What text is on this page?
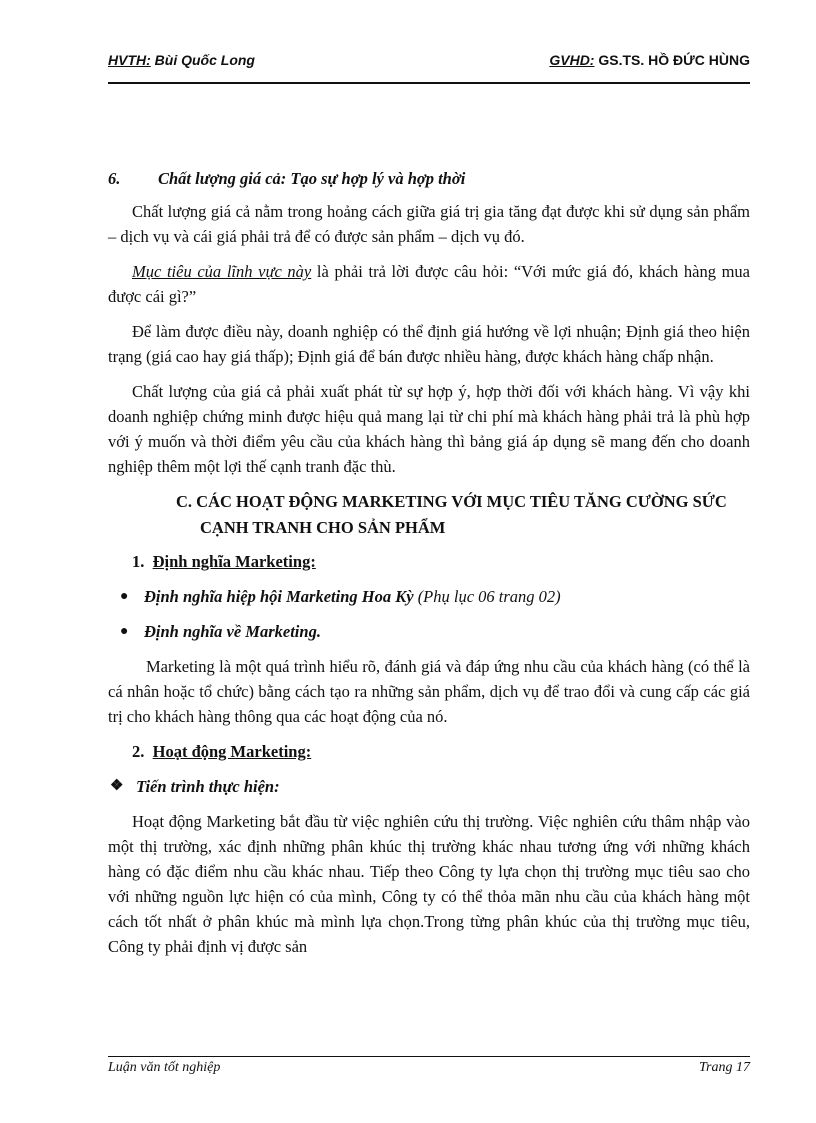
HVTH: Bùi Quốc Long	GVHD: GS.TS. HỒ ĐỨC HÙNG
6. Chất lượng giá cả: Tạo sự hợp lý và hợp thời

Chất lượng giá cả nằm trong hoảng cách giữa giá trị gia tăng đạt được khi sử dụng sản phẩm – dịch vụ và cái giá phải trả để có được sản phẩm – dịch vụ đó.

Mục tiêu của lĩnh vực này là phải trả lời được câu hỏi: “Với mức giá đó, khách hàng mua được cái gì?”

Để làm được điều này, doanh nghiệp có thể định giá hướng về lợi nhuận; Định giá theo hiện trạng (giá cao hay giá thấp); Định giá để bán được nhiều hàng, được khách hàng chấp nhận.

Chất lượng của giá cả phải xuất phát từ sự hợp ý, hợp thời đối với khách hàng. Vì vậy khi doanh nghiệp chứng minh được hiệu quả mang lại từ chi phí mà khách hàng phải trả là phù hợp với ý muốn và thời điểm yêu cầu của khách hàng thì bảng giá áp dụng sẽ mang đến cho doanh nghiệp thêm một lợi thế cạnh tranh đặc thù.

C. CÁC HOẠT ĐỘNG MARKETING VỚI MỤC TIÊU TĂNG CƯỜNG SỨC CẠNH TRANH CHO SẢN PHẨM
1. Định nghĩa Marketing:
● Định nghĩa hiệp hội Marketing Hoa Kỳ (Phụ lục 06 trang 02)
● Định nghĩa về Marketing.

Marketing là một quá trình hiểu rõ, đánh giá và đáp ứng nhu cầu của khách hàng (có thể là cá nhân hoặc tổ chức) bằng cách tạo ra những sản phẩm, dịch vụ để trao đổi và cung cấp các giá trị cho khách hàng thông qua các hoạt động của nó.

2. Hoạt động Marketing:
❖ Tiến trình thực hiện:

Hoạt động Marketing bắt đầu từ việc nghiên cứu thị trường. Việc nghiên cứu thâm nhập vào một thị trường, xác định những phân khúc thị trường khác nhau tương ứng với những khách hàng có đặc điểm nhu cầu khác nhau. Tiếp theo Công ty lựa chọn thị trường mục tiêu sao cho với những nguồn lực hiện có của mình, Công ty có thể thỏa mãn nhu cầu của khách hàng một cách tốt nhất ở phân khúc mà mình lựa chọn.Trong từng phân khúc của thị trường mục tiêu, Công ty phải định vị được sản

Luận văn tốt nghiệp	Trang 17
